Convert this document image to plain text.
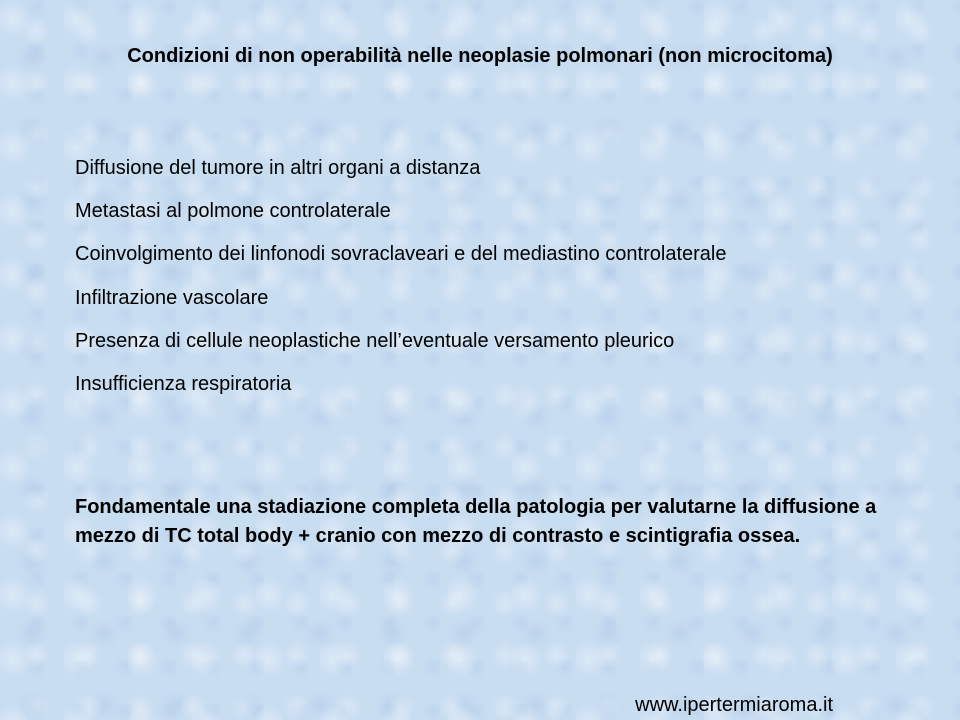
Condizioni di non operabilità nelle neoplasie polmonari (non microcitoma)
Diffusione del tumore in altri organi a distanza
Metastasi al polmone controlaterale
Coinvolgimento dei linfonodi sovraclaveari e del mediastino controlaterale
Infiltrazione vascolare
Presenza di cellule neoplastiche nell’eventuale versamento pleurico
Insufficienza respiratoria

Fondamentale una stadiazione completa della patologia per valutarne la diffusione a mezzo di TC total body + cranio con mezzo di contrasto e scintigrafia ossea.

www.ipertermiaroma.it
